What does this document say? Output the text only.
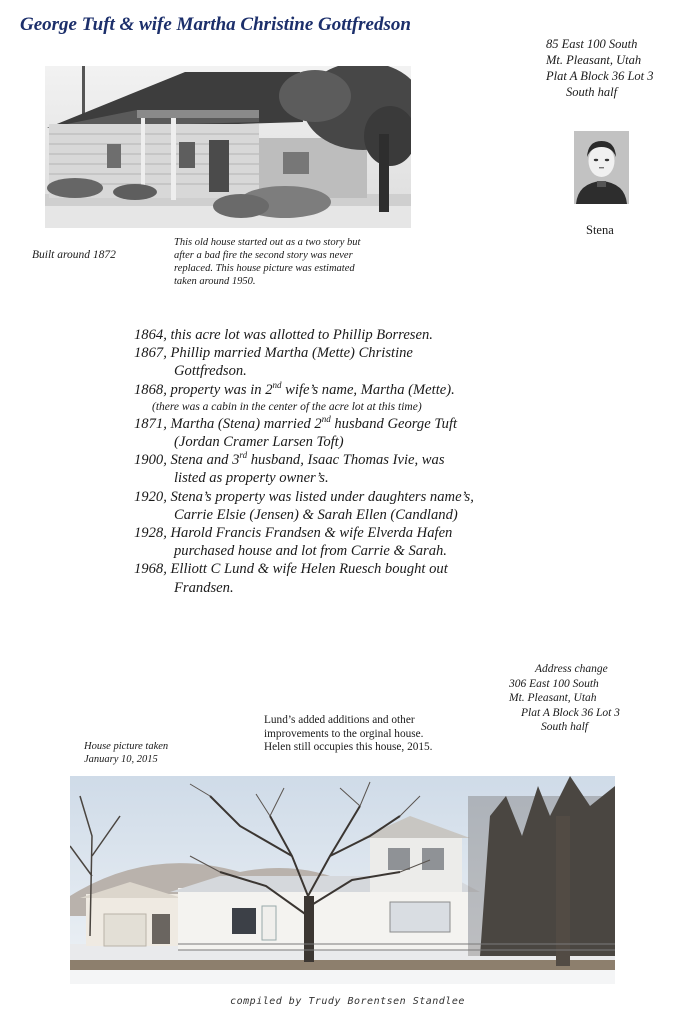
George Tuft & wife Martha Christine Gottfredson
85 East 100 South
Mt. Pleasant, Utah
Plat A Block 36 Lot 3
South half
Stena
Built around 1872
This old house started out as a two story but
after a bad fire the second story was never
replaced. This house picture was estimated
taken around 1950.
1864, this acre lot was allotted to Phillip Borresen.
1867, Phillip married Martha (Mette) Christine Gottfredson.
1868, property was in 2nd wife’s name, Martha (Mette).
(there was a cabin in the center of the acre lot at this time)
1871, Martha (Stena) married 2nd husband George Tuft (Jordan Cramer Larsen Toft)
1900, Stena and 3rd husband, Isaac Thomas Ivie, was listed as property owner’s.
1920, Stena’s property was listed under daughters name’s, Carrie Elsie (Jensen) & Sarah Ellen (Candland)
1928, Harold Francis Frandsen & wife Elverda Hafen purchased house and lot from Carrie & Sarah.
1968, Elliott C Lund & wife Helen Ruesch bought out Frandsen.
Address change
306 East 100 South
Mt. Pleasant, Utah
Plat A Block 36 Lot 3
South half
Lund’s added additions and other
improvements to the orginal house.
Helen still occupies this house, 2015.
House picture taken
January 10, 2015
compiled by Trudy Borentsen Standlee
